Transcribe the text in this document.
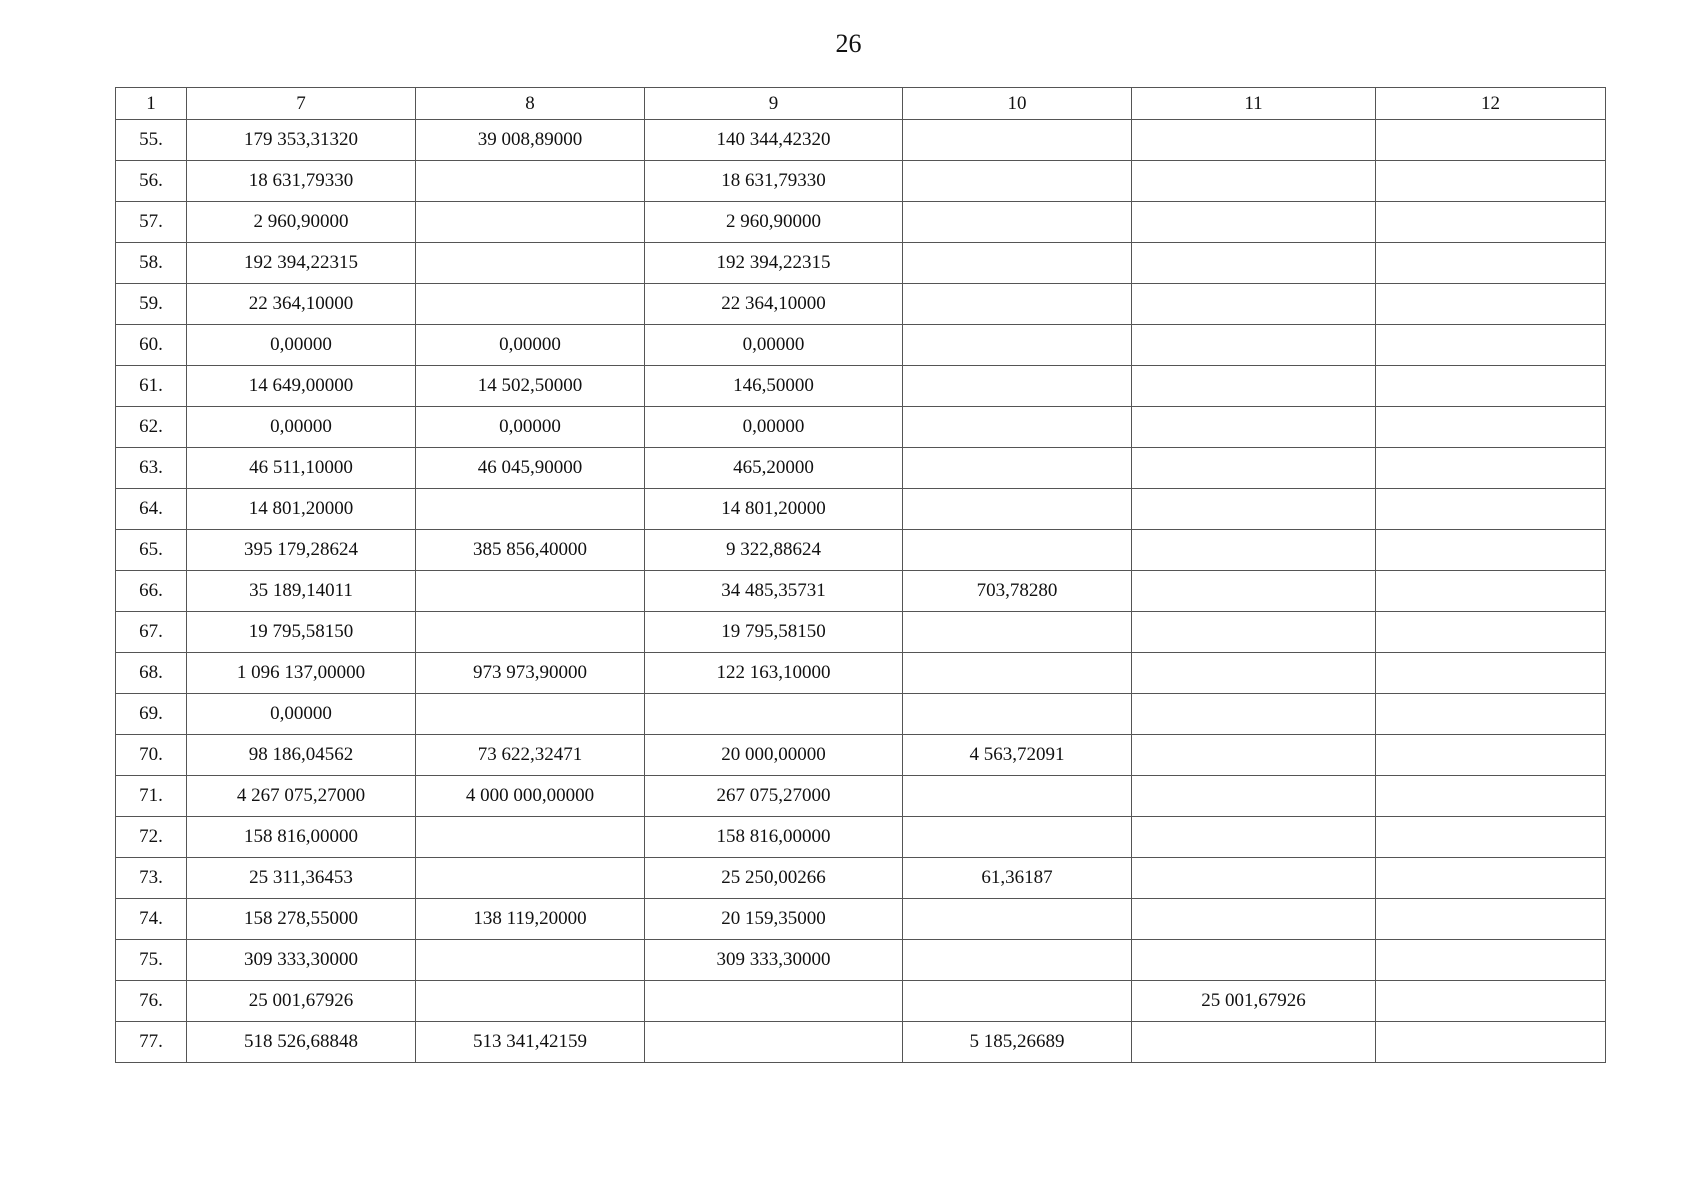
26
1	7	8	9	10	11	12
55.	179 353,31320	39 008,89000	140 344,42320			
56.	18 631,79330		18 631,79330			
57.	2 960,90000		2 960,90000			
58.	192 394,22315		192 394,22315			
59.	22 364,10000		22 364,10000			
60.	0,00000	0,00000	0,00000			
61.	14 649,00000	14 502,50000	146,50000			
62.	0,00000	0,00000	0,00000			
63.	46 511,10000	46 045,90000	465,20000			
64.	14 801,20000		14 801,20000			
65.	395 179,28624	385 856,40000	9 322,88624			
66.	35 189,14011		34 485,35731	703,78280		
67.	19 795,58150		19 795,58150			
68.	1 096 137,00000	973 973,90000	122 163,10000			
69.	0,00000					
70.	98 186,04562	73 622,32471	20 000,00000	4 563,72091		
71.	4 267 075,27000	4 000 000,00000	267 075,27000			
72.	158 816,00000		158 816,00000			
73.	25 311,36453		25 250,00266	61,36187		
74.	158 278,55000	138 119,20000	20 159,35000			
75.	309 333,30000		309 333,30000			
76.	25 001,67926				25 001,67926	
77.	518 526,68848	513 341,42159		5 185,26689		
